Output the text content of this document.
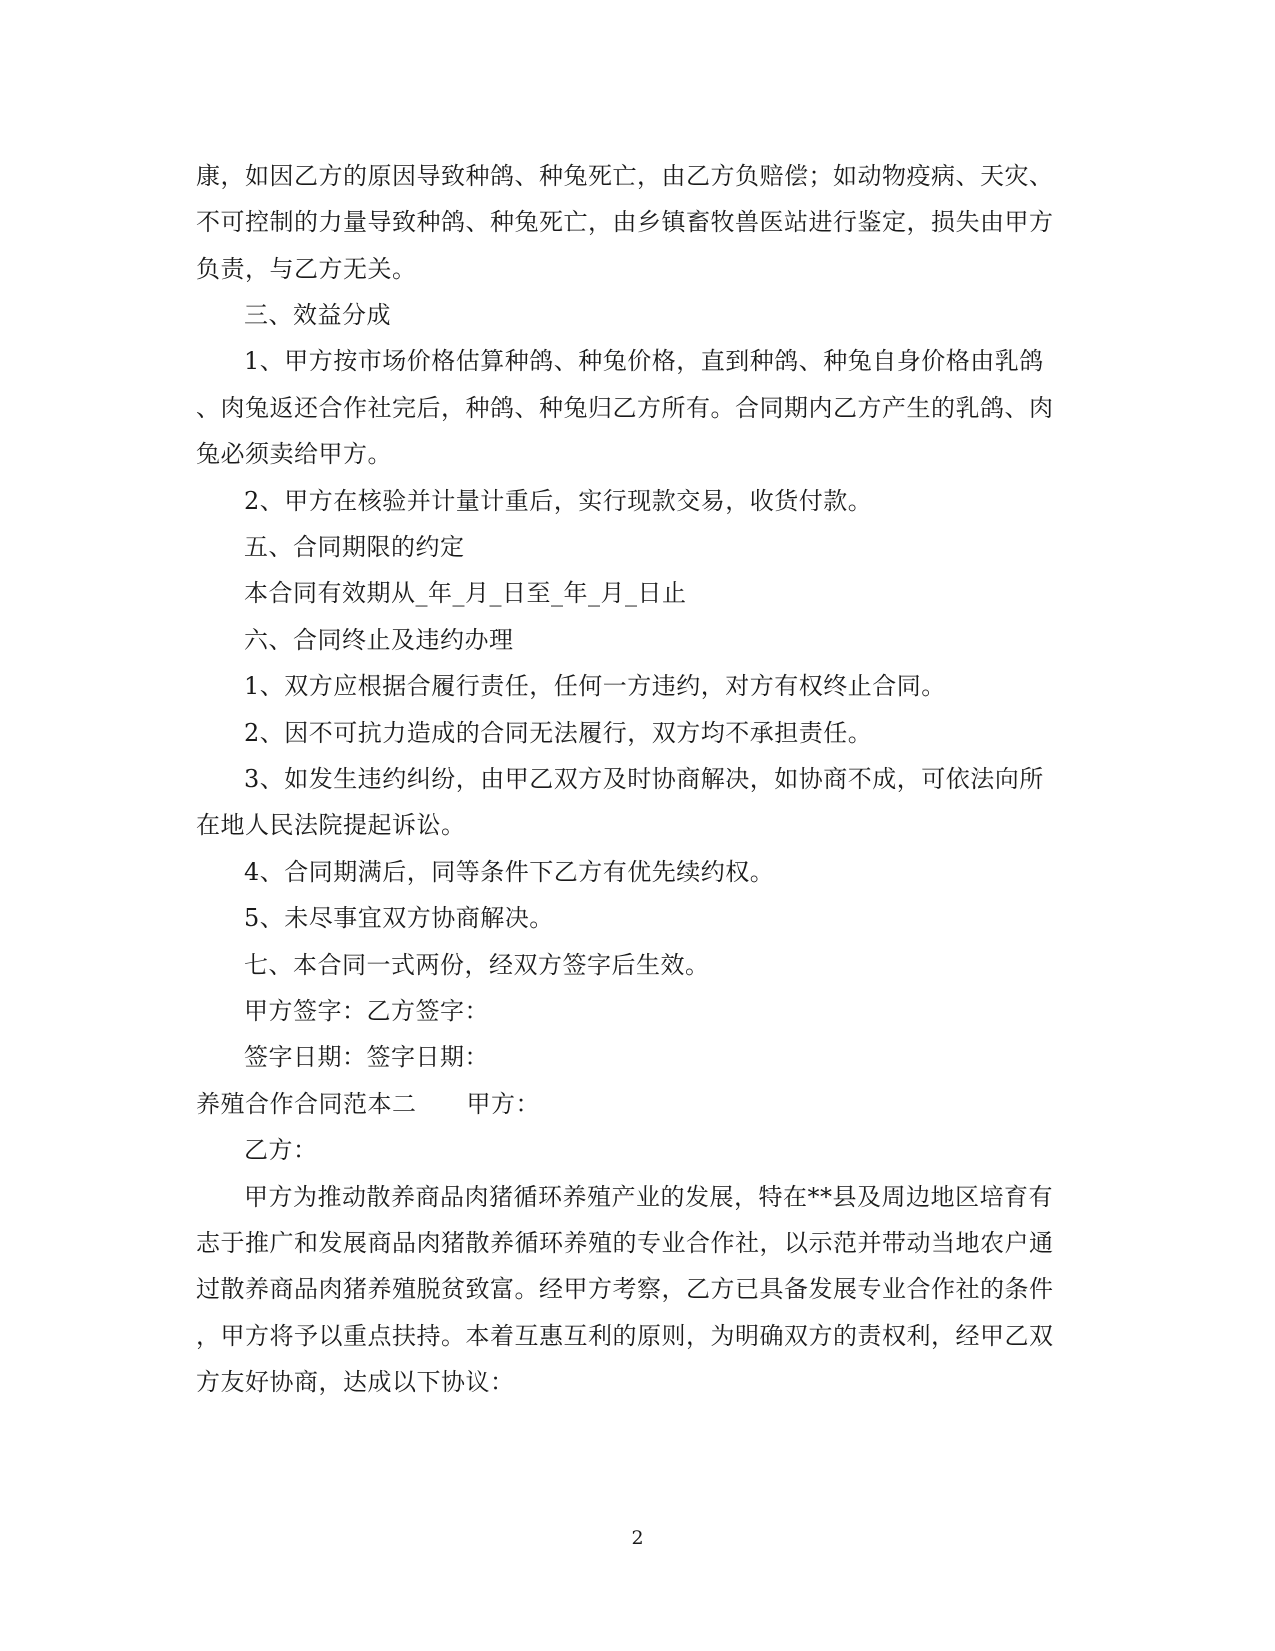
康，如因乙方的原因导致种鸽、种兔死亡，由乙方负赔偿；如动物疫病、天灾、
不可控制的力量导致种鸽、种兔死亡，由乡镇畜牧兽医站进行鉴定，损失由甲方
负责，与乙方无关。
三、效益分成
1、甲方按市场价格估算种鸽、种兔价格，直到种鸽、种兔自身价格由乳鸽
、肉兔返还合作社完后，种鸽、种兔归乙方所有。合同期内乙方产生的乳鸽、肉
兔必须卖给甲方。
2、甲方在核验并计量计重后，实行现款交易，收货付款。
五、合同期限的约定
本合同有效期从_年_月_日至_年_月_日止
六、合同终止及违约办理
1、双方应根据合履行责任，任何一方违约，对方有权终止合同。
2、因不可抗力造成的合同无法履行，双方均不承担责任。
3、如发生违约纠纷，由甲乙双方及时协商解决，如协商不成，可依法向所
在地人民法院提起诉讼。
4、合同期满后，同等条件下乙方有优先续约权。
5、未尽事宜双方协商解决。
七、本合同一式两份，经双方签字后生效。
甲方签字：乙方签字：
签字日期：签字日期：
养殖合作合同范本二 甲方：
乙方：
甲方为推动散养商品肉猪循环养殖产业的发展，特在**县及周边地区培育有
志于推广和发展商品肉猪散养循环养殖的专业合作社，以示范并带动当地农户通
过散养商品肉猪养殖脱贫致富。经甲方考察，乙方已具备发展专业合作社的条件
，甲方将予以重点扶持。本着互惠互利的原则，为明确双方的责权利，经甲乙双
方友好协商，达成以下协议：
2
